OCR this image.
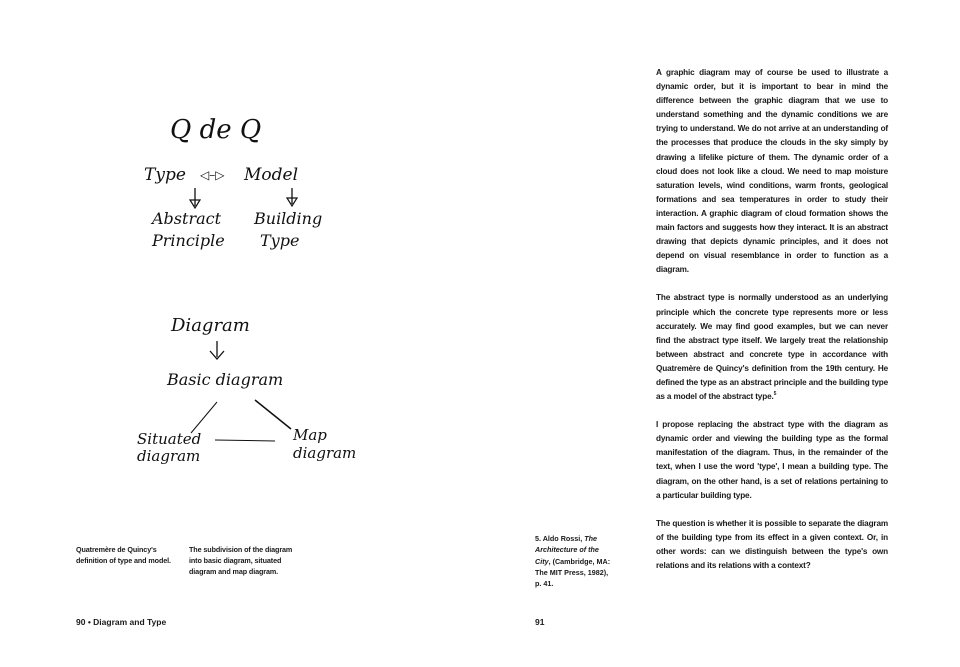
Q de Q
Type ◁–▷ Model
Abstract
Principle
Building
Type
Diagram
Basic diagram
Situated
diagram
Map
diagram
Quatremère de Quincy's definition of type and model.
The subdivision of the diagram into basic diagram, situated diagram and map diagram.
90 • Diagram and Type
5. Aldo Rossi, The Architecture of the City, (Cambridge, MA: The MIT Press, 1982), p. 41.

A graphic diagram may of course be used to illustrate a dynamic order, but it is important to bear in mind the difference between the graphic diagram that we use to understand something and the dynamic conditions we are trying to understand. We do not arrive at an understanding of the processes that produce the clouds in the sky simply by drawing a lifelike picture of them. The dynamic order of a cloud does not look like a cloud. We need to map moisture saturation levels, wind conditions, warm fronts, geological formations and sea temperatures in order to study their interaction. A graphic diagram of cloud formation shows the main factors and suggests how they interact. It is an abstract drawing that depicts dynamic principles, and it does not depend on visual resemblance in order to function as a diagram.

The abstract type is normally understood as an underlying principle which the concrete type represents more or less accurately. We may find good examples, but we can never find the abstract type itself. We largely treat the relationship between abstract and concrete type in accordance with Quatremère de Quincy's definition from the 19th century. He defined the type as an abstract principle and the building type as a model of the abstract type.$^5$

I propose replacing the abstract type with the diagram as dynamic order and viewing the building type as the formal manifestation of the diagram. Thus, in the remainder of the text, when I use the word 'type', I mean a building type. The diagram, on the other hand, is a set of relations pertaining to a particular building type.

The question is whether it is possible to separate the diagram of the building type from its effect in a given context. Or, in other words: can we distinguish between the type's own relations and its relations with a context?

91
